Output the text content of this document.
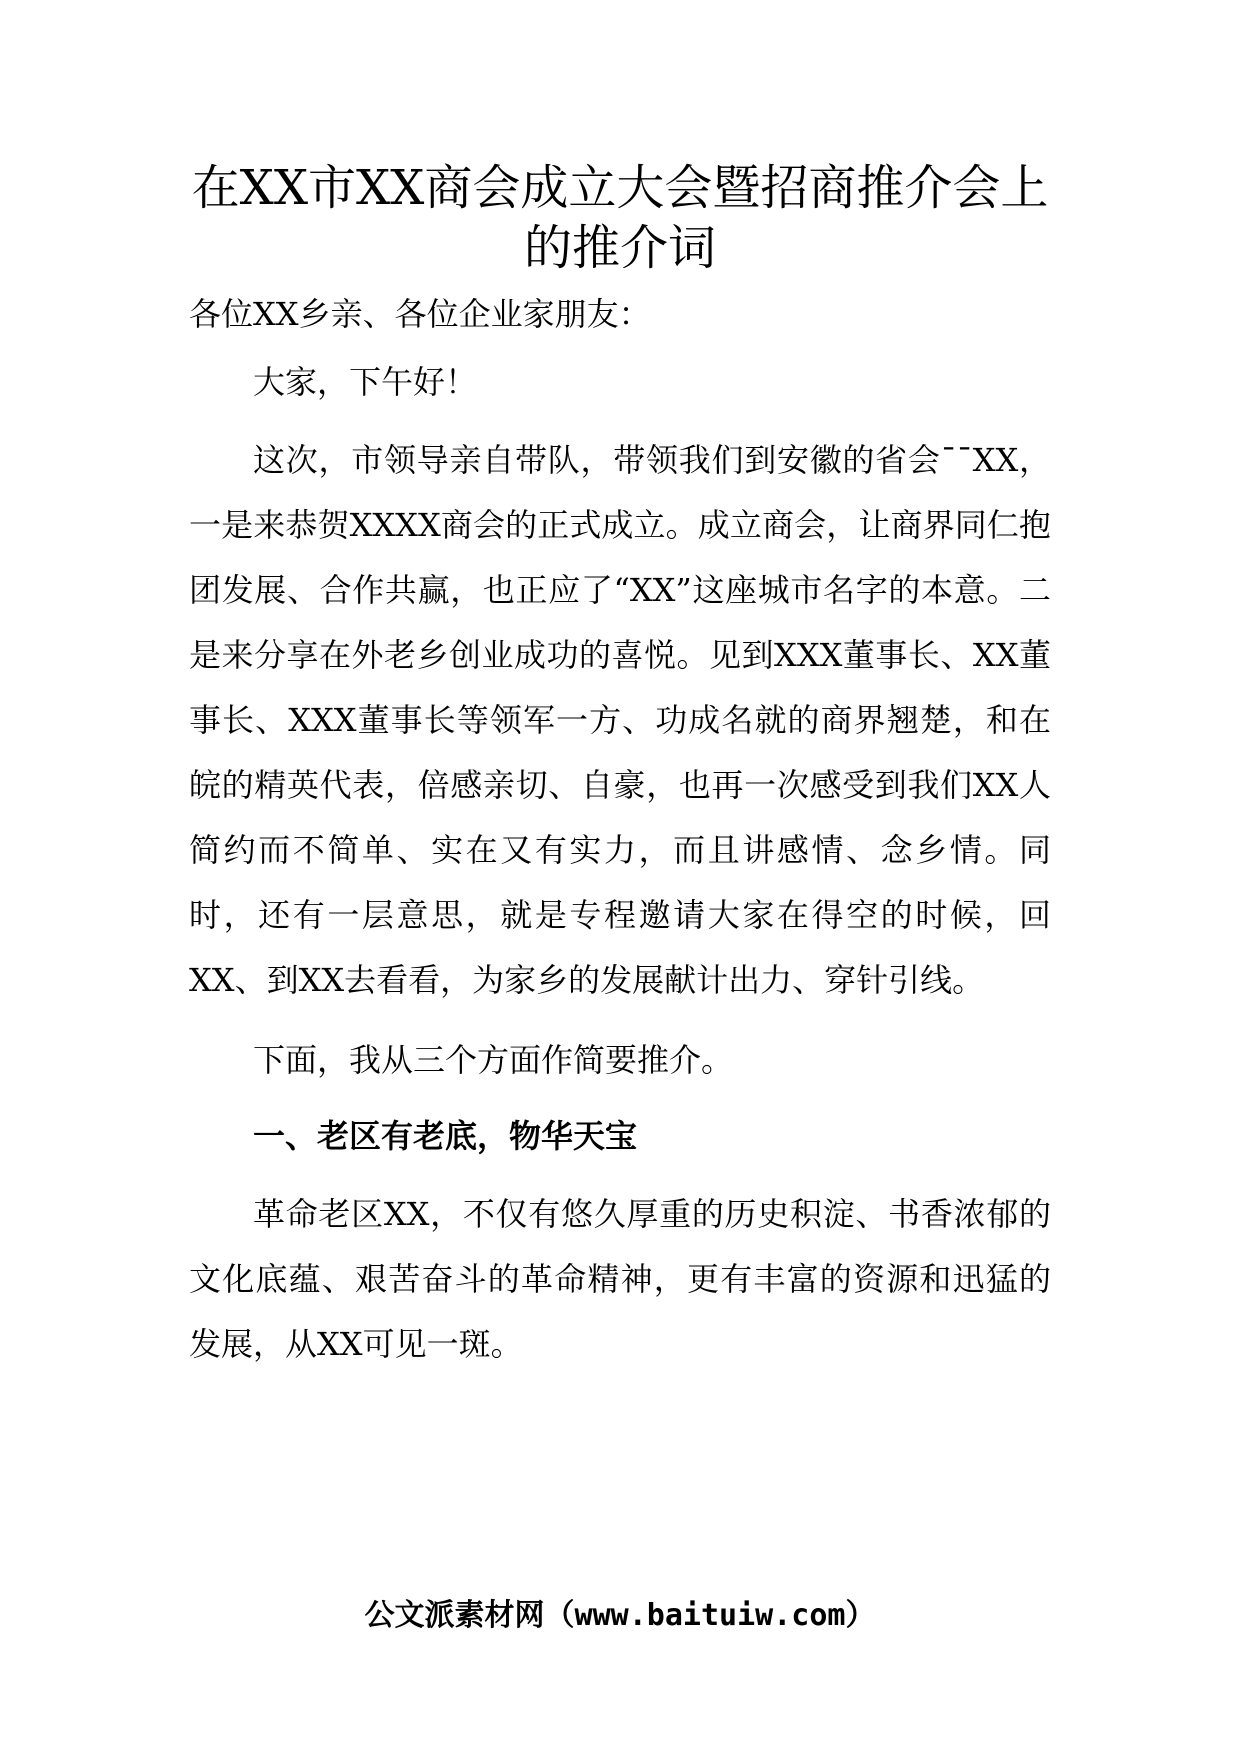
在XX市XX商会成立大会暨招商推介会上的推介词

各位XX乡亲、各位企业家朋友：

大家，下午好！

这次，市领导亲自带队，带领我们到安徽的省会¯¯XX，一是来恭贺XXXX商会的正式成立。成立商会，让商界同仁抱团发展、合作共赢，也正应了“XX”这座城市名字的本意。二是来分享在外老乡创业成功的喜悦。见到XXX董事长、XX董事长、XXX董事长等领军一方、功成名就的商界翘楚，和在皖的精英代表，倍感亲切、自豪，也再一次感受到我们XX人简约而不简单、实在又有实力，而且讲感情、念乡情。同时，还有一层意思，就是专程邀请大家在得空的时候，回XX、到XX去看看，为家乡的发展献计出力、穿针引线。

下面，我从三个方面作简要推介。

一、老区有老底，物华天宝

革命老区XX，不仅有悠久厚重的历史积淀、书香浓郁的文化底蕴、艰苦奋斗的革命精神，更有丰富的资源和迅猛的发展，从XX可见一斑。

公文派素材网（www.baituiw.com）
